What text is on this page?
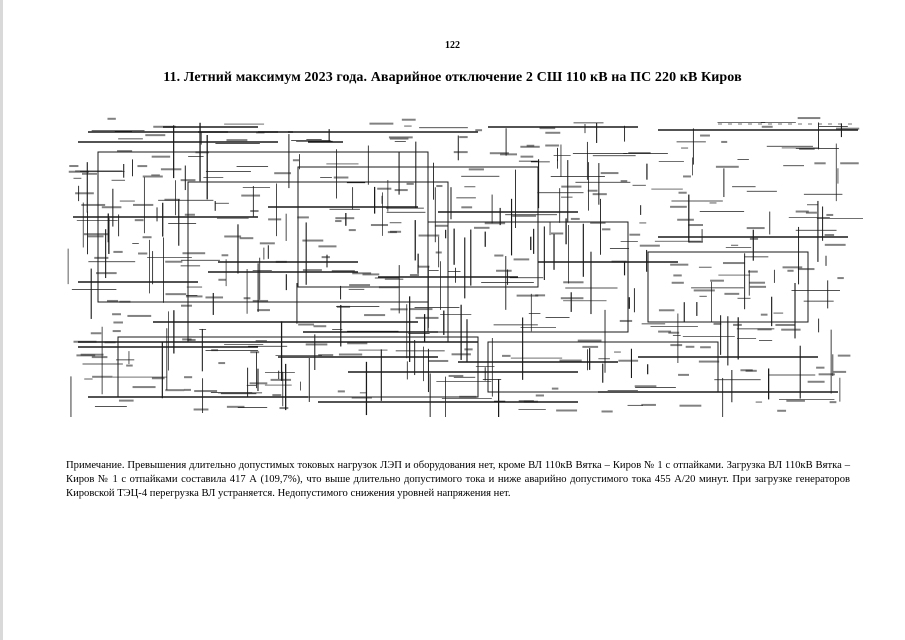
122
11. Летний максимум 2023 года. Аварийное отключение 2 СШ 110 кВ на ПС 220 кВ Киров
Примечание. Превышения длительно допустимых токовых нагрузок ЛЭП и оборудования нет, кроме ВЛ 110кВ Вятка – Киров № 1 с отпайками. Загрузка ВЛ 110кВ Вятка – Киров № 1 с отпайками составила 417 А (109,7%), что выше длительно допустимого тока и ниже аварийно допустимого тока 455 А/20 минут. При загрузке генераторов Кировской ТЭЦ-4 перегрузка ВЛ устраняется. Недопустимого снижения уровней напряжения нет.
